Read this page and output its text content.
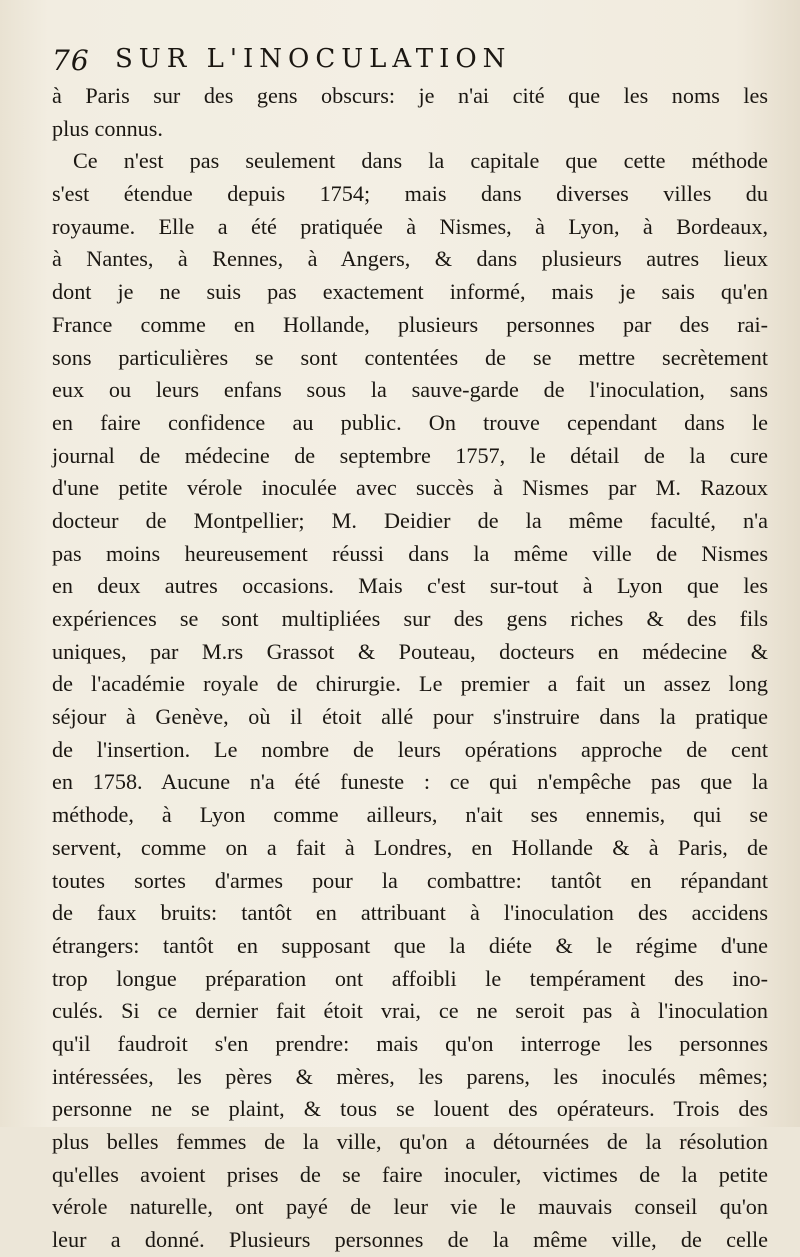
76 SUR L'INOCULATION
à Paris sur des gens obscurs: je n'ai cité que les noms les
plus connus.
Ce n'est pas seulement dans la capitale que cette méthode
s'est étendue depuis 1754; mais dans diverses villes du
royaume. Elle a été pratiquée à Nismes, à Lyon, à Bordeaux,
à Nantes, à Rennes, à Angers, & dans plusieurs autres lieux
dont je ne suis pas exactement informé, mais je sais qu'en
France comme en Hollande, plusieurs personnes par des rai-
sons particulières se sont contentées de se mettre secrètement
eux ou leurs enfans sous la sauve-garde de l'inoculation, sans
en faire confidence au public. On trouve cependant dans le
journal de médecine de septembre 1757, le détail de la cure
d'une petite vérole inoculée avec succès à Nismes par M. Razoux
docteur de Montpellier; M. Deidier de la même faculté, n'a
pas moins heureusement réussi dans la même ville de Nismes
en deux autres occasions. Mais c'est sur-tout à Lyon que les
expériences se sont multipliées sur des gens riches & des fils
uniques, par M.rs Grassot & Pouteau, docteurs en médecine &
de l'académie royale de chirurgie. Le premier a fait un assez long
séjour à Genève, où il étoit allé pour s'instruire dans la pratique
de l'insertion. Le nombre de leurs opérations approche de cent
en 1758. Aucune n'a été funeste : ce qui n'empêche pas que la
méthode, à Lyon comme ailleurs, n'ait ses ennemis, qui se
servent, comme on a fait à Londres, en Hollande & à Paris, de
toutes sortes d'armes pour la combattre: tantôt en répandant
de faux bruits: tantôt en attribuant à l'inoculation des accidens
étrangers: tantôt en supposant que la diéte & le régime d'une
trop longue préparation ont affoibli le tempérament des ino-
culés. Si ce dernier fait étoit vrai, ce ne seroit pas à l'inoculation
qu'il faudroit s'en prendre: mais qu'on interroge les personnes
intéressées, les pères & mères, les parens, les inoculés mêmes;
personne ne se plaint, & tous se louent des opérateurs. Trois des
plus belles femmes de la ville, qu'on a détournées de la résolution
qu'elles avoient prises de se faire inoculer, victimes de la petite
vérole naturelle, ont payé de leur vie le mauvais conseil qu'on
leur a donné. Plusieurs personnes de la même ville, de celle
